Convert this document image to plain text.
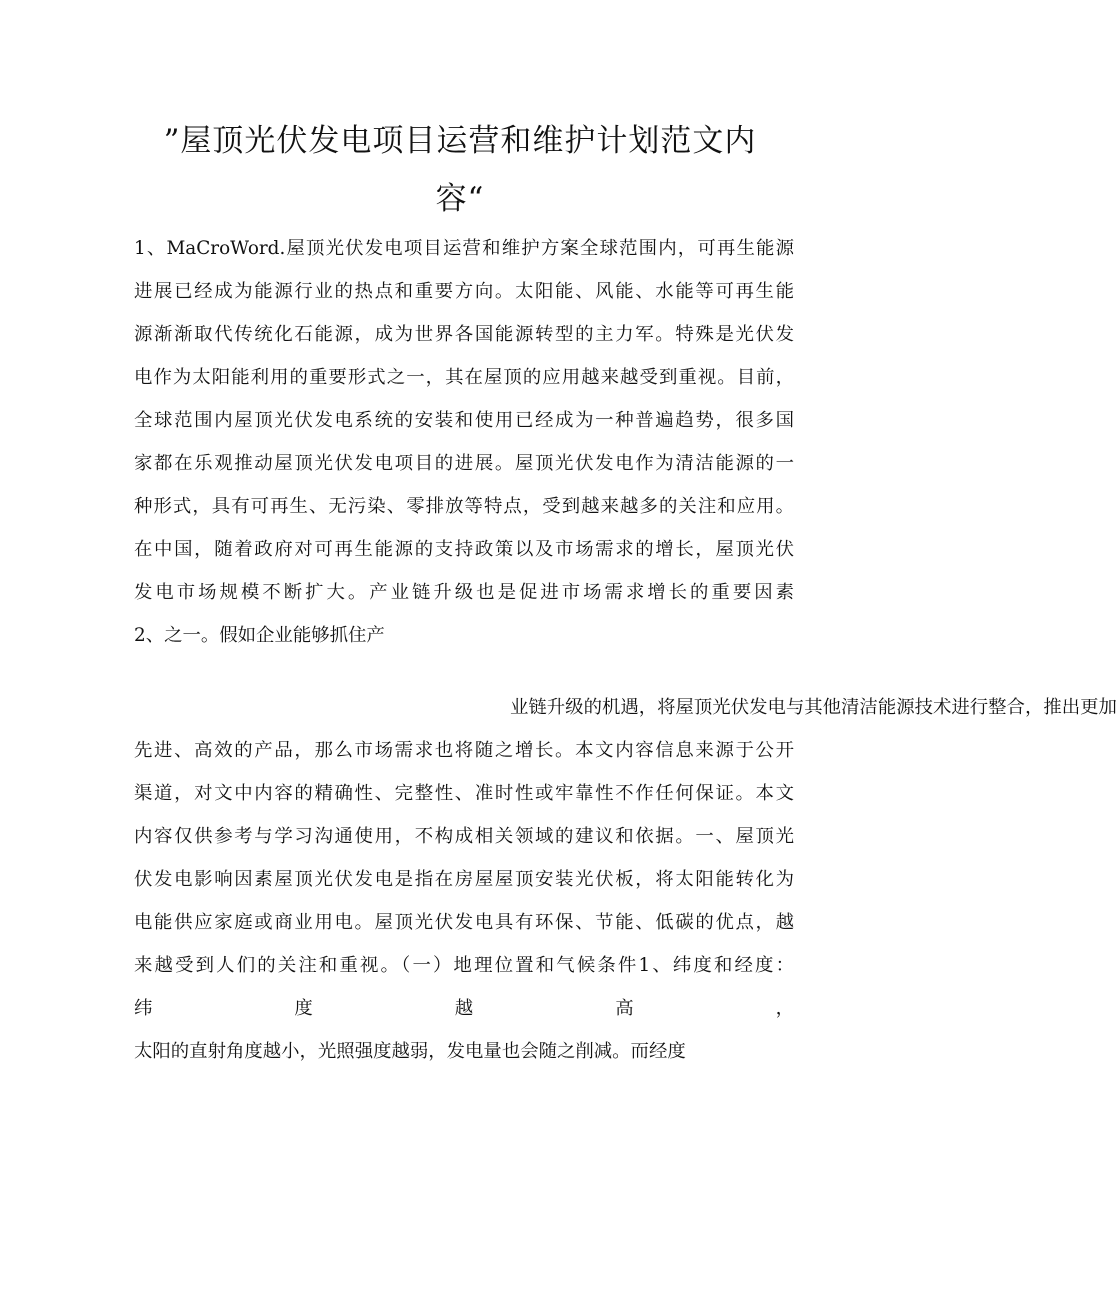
”屋顶光伏发电项目运营和维护计划范文内
容“
1、MaCroWord.屋顶光伏发电项目运营和维护方案全球范围内，可再生能源
进展已经成为能源行业的热点和重要方向。太阳能、风能、水能等可再生能
源渐渐取代传统化石能源，成为世界各国能源转型的主力军。特殊是光伏发
电作为太阳能利用的重要形式之一，其在屋顶的应用越来越受到重视。目前，
全球范围内屋顶光伏发电系统的安装和使用已经成为一种普遍趋势，很多国
家都在乐观推动屋顶光伏发电项目的进展。屋顶光伏发电作为清洁能源的一
种形式，具有可再生、无污染、零排放等特点，受到越来越多的关注和应用。
在中国，随着政府对可再生能源的支持政策以及市场需求的增长，屋顶光伏
发电市场规模不断扩大。产业链升级也是促进市场需求增长的重要因素
2、之一。假如企业能够抓住产
业链升级的机遇，将屋顶光伏发电与其他清洁能源技术进行整合，推出更加
先进、高效的产品，那么市场需求也将随之增长。本文内容信息来源于公开
渠道，对文中内容的精确性、完整性、准时性或牢靠性不作任何保证。本文
内容仅供参考与学习沟通使用，不构成相关领域的建议和依据。一、屋顶光
伏发电影响因素屋顶光伏发电是指在房屋屋顶安装光伏板，将太阳能转化为
电能供应家庭或商业用电。屋顶光伏发电具有环保、节能、低碳的优点，越
来越受到人们的关注和重视。（一）地理位置和气候条件1、纬度和经度：
纬度越高，
太阳的直射角度越小，光照强度越弱，发电量也会随之削减。而经度
